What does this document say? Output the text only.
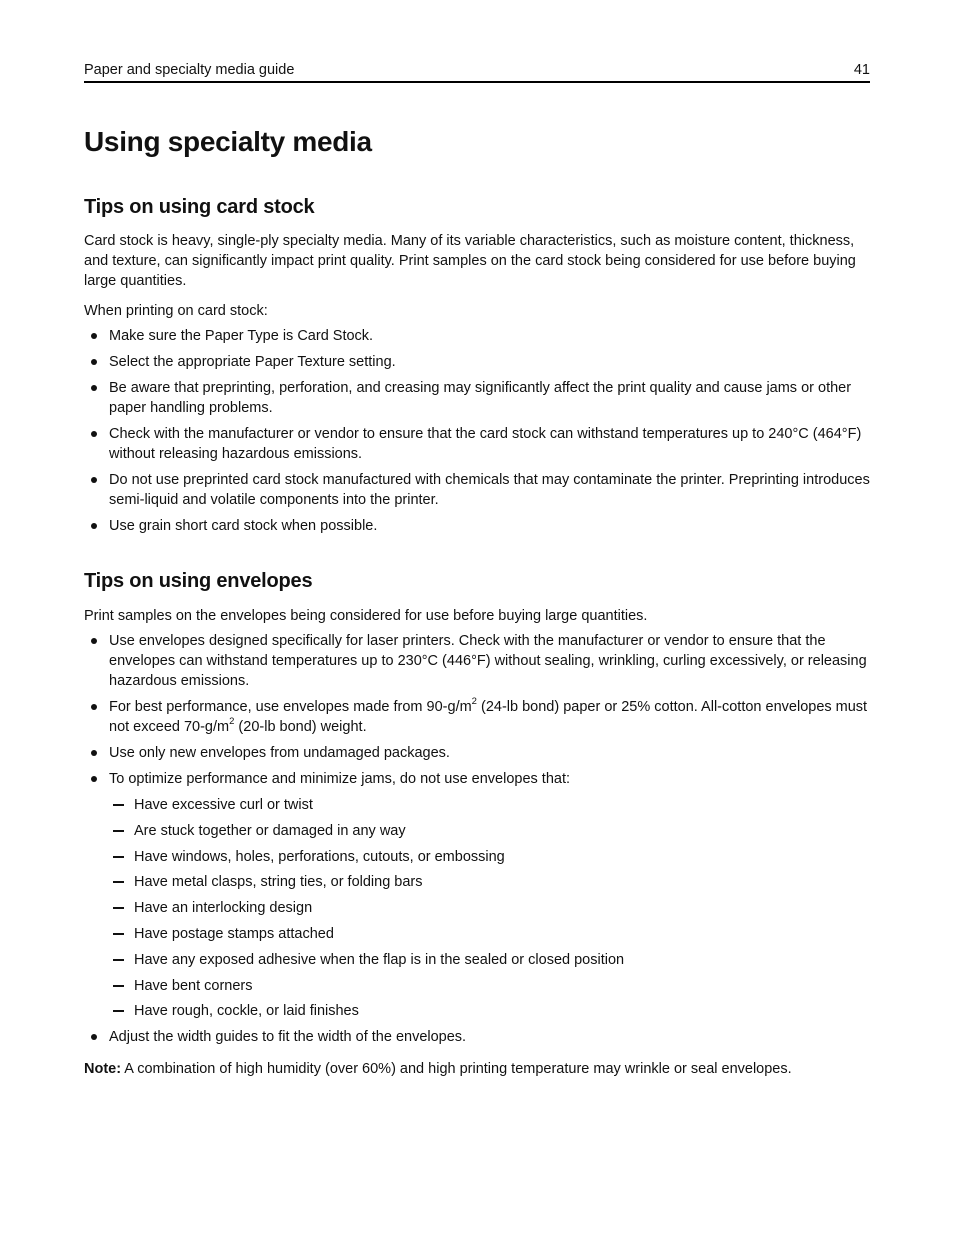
Paper and specialty media guide	41
Using specialty media
Tips on using card stock

Card stock is heavy, single-ply specialty media. Many of its variable characteristics, such as moisture content, thickness, and texture, can significantly impact print quality. Print samples on the card stock being considered for use before buying large quantities.

When printing on card stock:

Make sure the Paper Type is Card Stock.
Select the appropriate Paper Texture setting.
Be aware that preprinting, perforation, and creasing may significantly affect the print quality and cause jams or other paper handling problems.
Check with the manufacturer or vendor to ensure that the card stock can withstand temperatures up to 240°C (464°F) without releasing hazardous emissions.
Do not use preprinted card stock manufactured with chemicals that may contaminate the printer. Preprinting introduces semi-liquid and volatile components into the printer.
Use grain short card stock when possible.
Tips on using envelopes

Print samples on the envelopes being considered for use before buying large quantities.

Use envelopes designed specifically for laser printers. Check with the manufacturer or vendor to ensure that the envelopes can withstand temperatures up to 230°C (446°F) without sealing, wrinkling, curling excessively, or releasing hazardous emissions.
For best performance, use envelopes made from $90-g/m^2$ (24-lb bond) paper or 25% cotton. All-cotton envelopes must not exceed $70-g/m^2$ (20-lb bond) weight.
Use only new envelopes from undamaged packages.
To optimize performance and minimize jams, do not use envelopes that:
Have excessive curl or twist
Are stuck together or damaged in any way
Have windows, holes, perforations, cutouts, or embossing
Have metal clasps, string ties, or folding bars
Have an interlocking design
Have postage stamps attached
Have any exposed adhesive when the flap is in the sealed or closed position
Have bent corners
Have rough, cockle, or laid finishes
Adjust the width guides to fit the width of the envelopes.

Note: A combination of high humidity (over 60%) and high printing temperature may wrinkle or seal envelopes.
